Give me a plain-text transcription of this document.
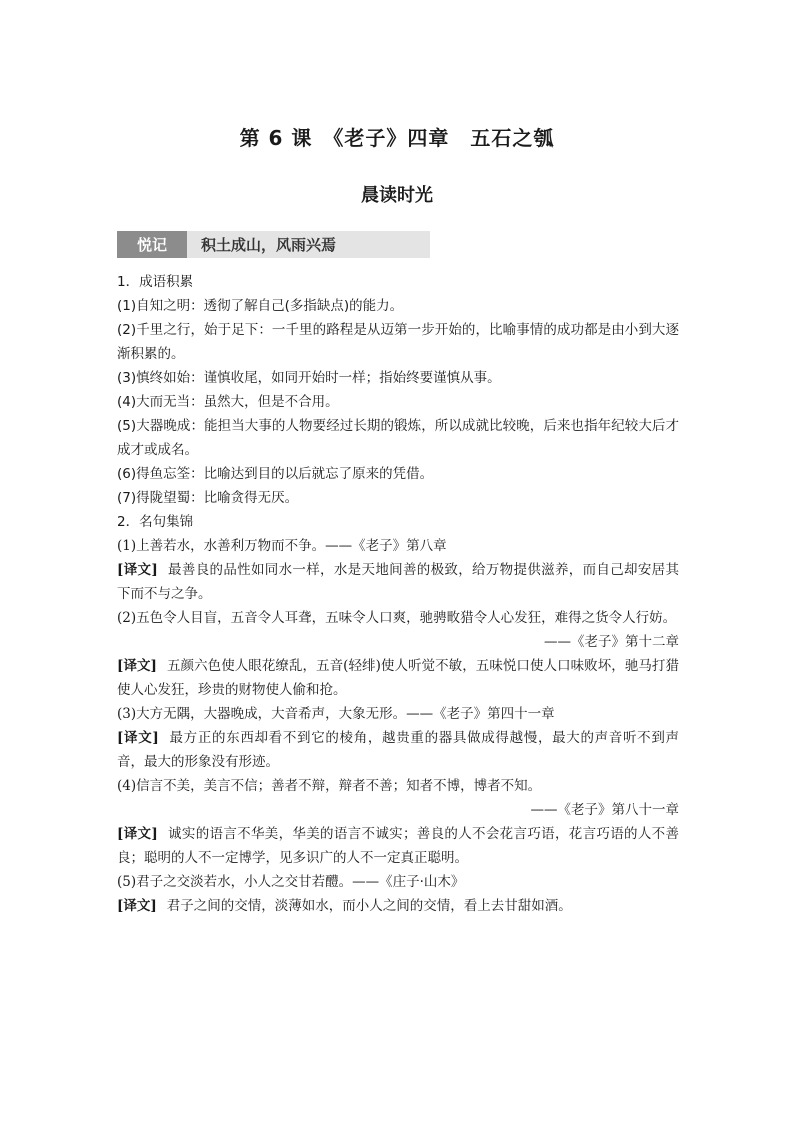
第 6 课　《老子》四章　五石之瓠
晨读时光
悦记	积土成山，风雨兴焉
1．成语积累
(1)自知之明：透彻了解自己(多指缺点)的能力。
(2)千里之行，始于足下：一千里的路程是从迈第一步开始的，比喻事情的成功都是由小到大逐渐积累的。
(3)慎终如始：谨慎收尾，如同开始时一样；指始终要谨慎从事。
(4)大而无当：虽然大，但是不合用。
(5)大器晚成：能担当大事的人物要经过长期的锻炼，所以成就比较晚，后来也指年纪较大后才成才或成名。
(6)得鱼忘筌：比喻达到目的以后就忘了原来的凭借。
(7)得陇望蜀：比喻贪得无厌。
2．名句集锦
(1)上善若水，水善利万物而不争。——《老子》第八章
[译文] 最善良的品性如同水一样，水是天地间善的极致，给万物提供滋养，而自己却安居其下而不与之争。
(2)五色令人目盲，五音令人耳聋，五味令人口爽，驰骋畋猎令人心发狂，难得之货令人行妨。
——《老子》第十二章
[译文] 五颜六色使人眼花缭乱，五音(轻绯)使人听觉不敏，五味悦口使人口味败坏，驰马打猎使人心发狂，珍贵的财物使人偷和抢。
(3)大方无隅，大器晚成，大音希声，大象无形。——《老子》第四十一章
[译文] 最方正的东西却看不到它的棱角，越贵重的器具做成得越慢，最大的声音听不到声音，最大的形象没有形迹。
(4)信言不美，美言不信；善者不辩，辩者不善；知者不博，博者不知。
——《老子》第八十一章
[译文] 诚实的语言不华美，华美的语言不诚实；善良的人不会花言巧语，花言巧语的人不善良；聪明的人不一定博学，见多识广的人不一定真正聪明。
(5)君子之交淡若水，小人之交甘若醴。——《庄子·山木》
[译文] 君子之间的交情，淡薄如水，而小人之间的交情，看上去甘甜如酒。
